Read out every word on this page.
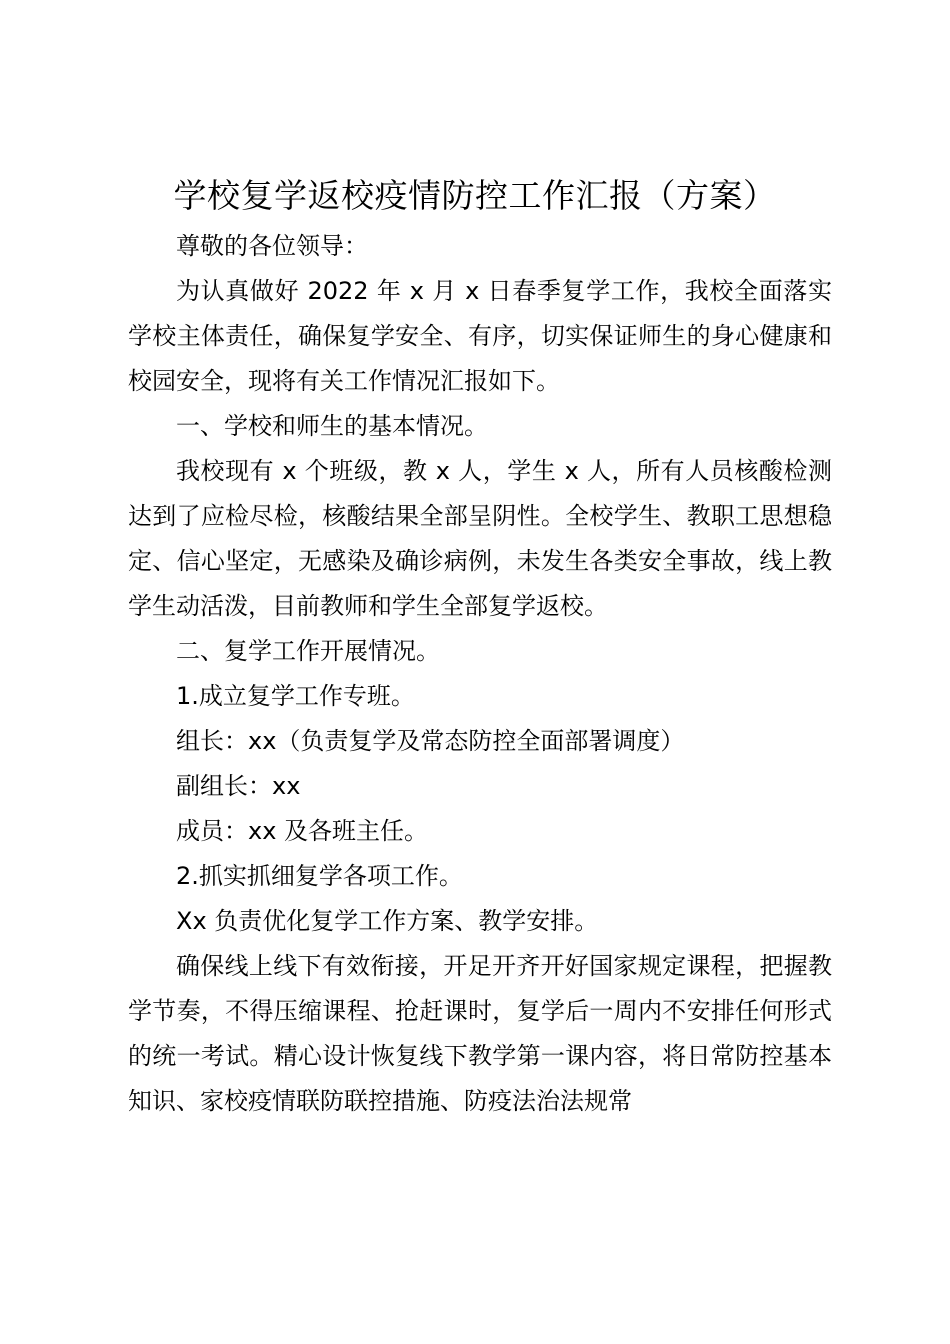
学校复学返校疫情防控工作汇报（方案）

尊敬的各位领导：

为认真做好 2022 年 x 月 x 日春季复学工作，我校全面落实学校主体责任，确保复学安全、有序，切实保证师生的身心健康和校园安全，现将有关工作情况汇报如下。

一、学校和师生的基本情况。

我校现有 x 个班级，教 x 人，学生 x 人，所有人员核酸检测达到了应检尽检，核酸结果全部呈阴性。全校学生、教职工思想稳定、信心坚定，无感染及确诊病例，未发生各类安全事故，线上教学生动活泼，目前教师和学生全部复学返校。

二、复学工作开展情况。

1.成立复学工作专班。

组长：xx（负责复学及常态防控全面部署调度）

副组长：xx

成员：xx 及各班主任。

2.抓实抓细复学各项工作。

Xx 负责优化复学工作方案、教学安排。

确保线上线下有效衔接，开足开齐开好国家规定课程，把握教学节奏，不得压缩课程、抢赶课时，复学后一周内不安排任何形式的统一考试。精心设计恢复线下教学第一课内容，将日常防控基本知识、家校疫情联防联控措施、防疫法治法规常
